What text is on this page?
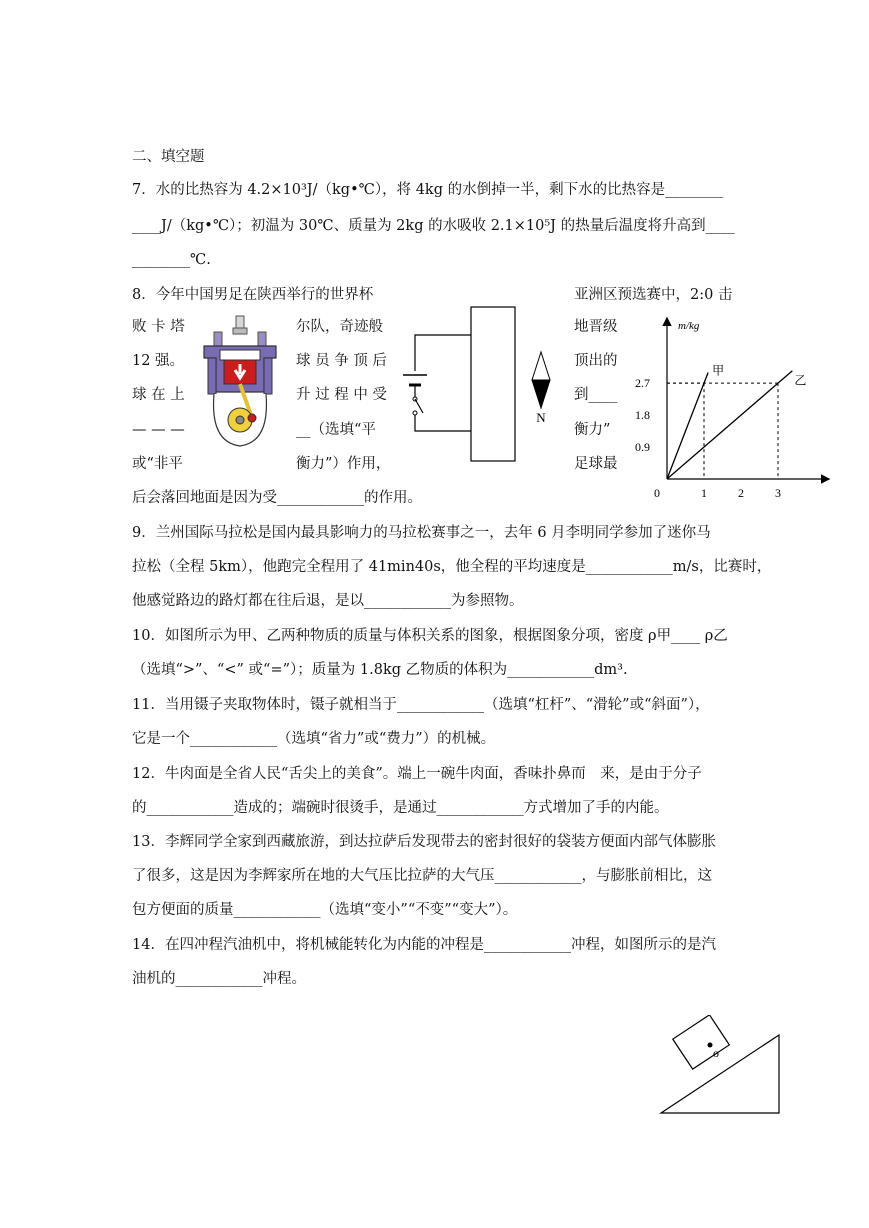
二、填空题
7．水的比热容为 4.2×10³J/（kg•℃），将 4kg 的水倒掉一半，剩下水的比热容是________
____J/（kg•℃）；初温为 30℃、质量为 2kg 的水吸收 2.1×10⁵J 的热量后温度将升高到____
________℃.
8．今年中国男足在陕西举行的世界杯	亚洲区预选赛中，2:0 击
败 卡 塔	尔队，奇迹般	地晋级
12 强。	球 员 争 顶 后	顶出的
球 在 上	升 过 程 中 受	到____
— — —	__（选填“平	衡力”
或“非平	衡力”）作用，	足球最
后会落回地面是因为受____________的作用。
N
m/kg
0	1	2	3
0.9
1.8
2.7
甲
乙
9．兰州国际马拉松是国内最具影响力的马拉松赛事之一，去年 6 月李明同学参加了迷你马
拉松（全程 5km），他跑完全程用了 41min40s，他全程的平均速度是____________m/s，比赛时，
他感觉路边的路灯都在往后退，是以____________为参照物。
10．如图所示为甲、乙两种物质的质量与体积关系的图象，根据图象分项，密度 ρ甲____ ρ乙
（选填“>”、“<” 或“=”）；质量为 1.8kg 乙物质的体积为____________dm³.
11．当用镊子夹取物体时，镊子就相当于____________（选填“杠杆”、“滑轮”或“斜面”），
它是一个____________（选填“省力”或“费力”）的机械。
12．牛肉面是全省人民“舌尖上的美食”。端上一碗牛肉面，香味扑鼻而　来，是由于分子
的____________造成的；端碗时很烫手，是通过____________方式增加了手的内能。
13．李辉同学全家到西藏旅游，到达拉萨后发现带去的密封很好的袋装方便面内部气体膨胀
了很多，这是因为李辉家所在地的大气压比拉萨的大气压____________，与膨胀前相比，这
包方便面的质量____________（选填“变小”“不变”“变大”）。
14．在四冲程汽油机中，将机械能转化为内能的冲程是____________冲程，如图所示的是汽
油机的____________冲程。
o
